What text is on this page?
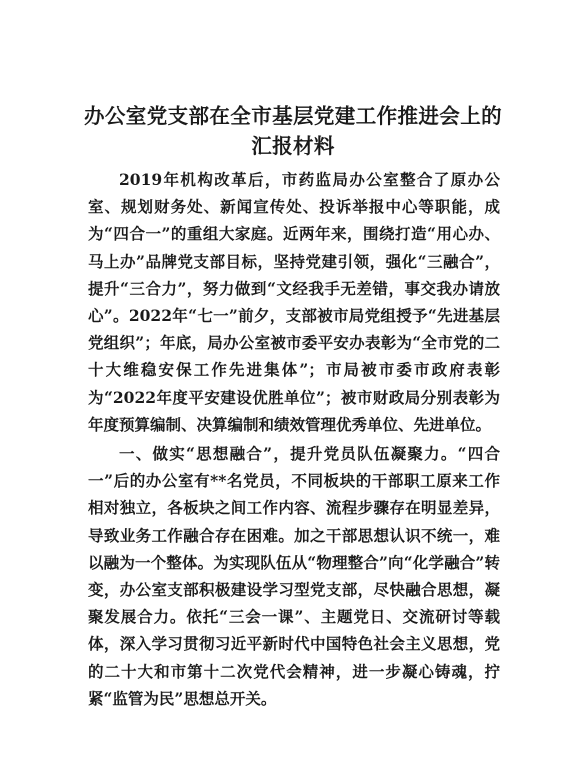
办公室党支部在全市基层党建工作推进会上的
汇报材料

2019年机构改革后，市药监局办公室整合了原办公室、规划财务处、新闻宣传处、投诉举报中心等职能，成为“四合一”的重组大家庭。近两年来，围绕打造“用心办、马上办”品牌党支部目标，坚持党建引领，强化“三融合”，提升“三合力”，努力做到“文经我手无差错，事交我办请放心”。2022年“七一”前夕，支部被市局党组授予“先进基层党组织”；年底，局办公室被市委平安办表彰为“全市党的二十大维稳安保工作先进集体”；市局被市委市政府表彰为“2022年度平安建设优胜单位”；被市财政局分别表彰为年度预算编制、决算编制和绩效管理优秀单位、先进单位。

一、做实“思想融合”，提升党员队伍凝聚力。“四合一”后的办公室有**名党员，不同板块的干部职工原来工作相对独立，各板块之间工作内容、流程步骤存在明显差异，导致业务工作融合存在困难。加之干部思想认识不统一，难以融为一个整体。为实现队伍从“物理整合”向“化学融合”转变，办公室支部积极建设学习型党支部，尽快融合思想，凝聚发展合力。依托“三会一课”、主题党日、交流研讨等载体，深入学习贯彻习近平新时代中国特色社会主义思想，党的二十大和市第十二次党代会精神，进一步凝心铸魂，拧紧“监管为民”思想总开关。
